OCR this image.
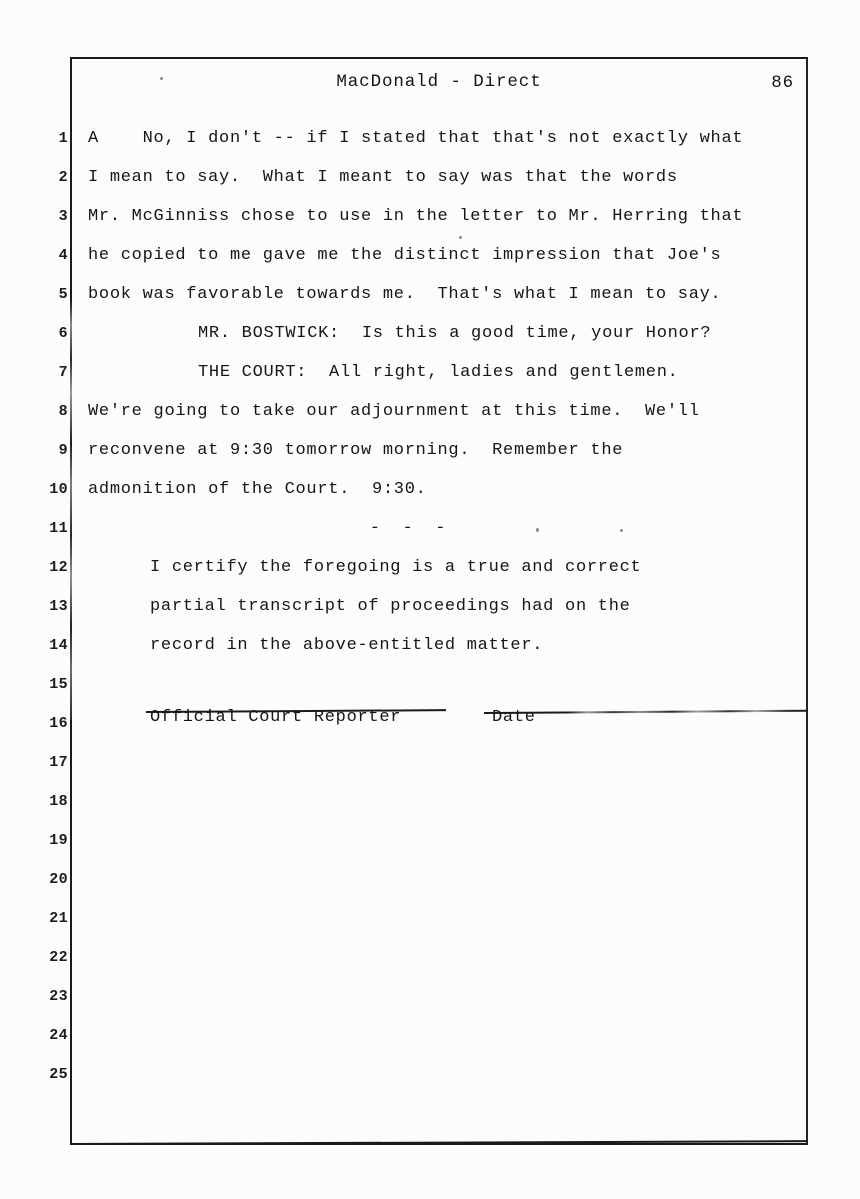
MacDonald - Direct	86
1
2
3
4
5
6
7
8
9
10
11
12
13
14
15
16
17
18
19
20
21
22
23
24
25
A    No, I don't -- if I stated that that's not exactly what
I mean to say.  What I meant to say was that the words
Mr. McGinniss chose to use in the letter to Mr. Herring that
he copied to me gave me the distinct impression that Joe's
book was favorable towards me.  That's what I mean to say.
MR. BOSTWICK:  Is this a good time, your Honor?
THE COURT:  All right, ladies and gentlemen.
We're going to take our adjournment at this time.  We'll
reconvene at 9:30 tomorrow morning.  Remember the
admonition of the Court.  9:30.
-  -  -
I certify the foregoing is a true and correct
partial transcript of proceedings had on the
record in the above-entitled matter.
Official Court Reporter	Date
